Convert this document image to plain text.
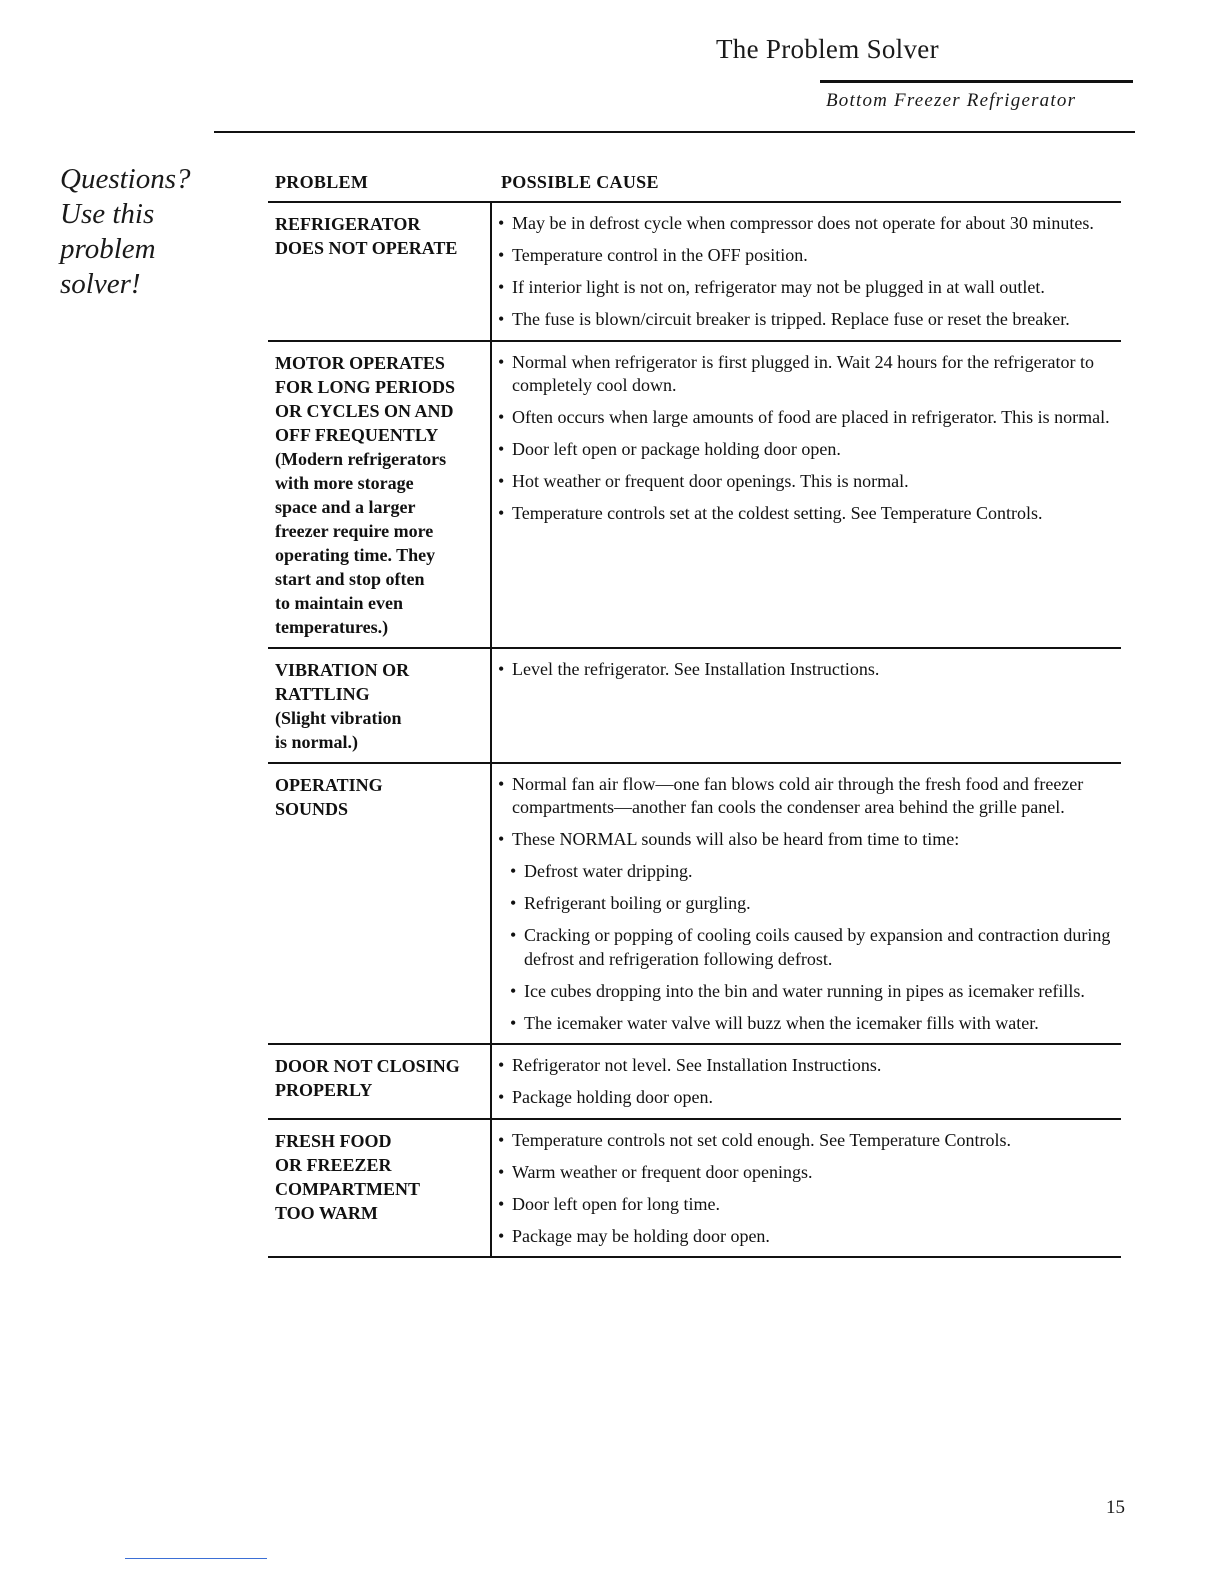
The Problem Solver
Bottom Freezer Refrigerator
Questions?
Use this
problem
solver!
PROBLEM	POSSIBLE CAUSE
REFRIGERATOR
DOES NOT OPERATE
• May be in defrost cycle when compressor does not operate for about 30 minutes.
• Temperature control in the OFF position.
• If interior light is not on, refrigerator may not be plugged in at wall outlet.
• The fuse is blown/circuit breaker is tripped. Replace fuse or reset the breaker.
MOTOR OPERATES
FOR LONG PERIODS
OR CYCLES ON AND
OFF FREQUENTLY
(Modern refrigerators
with more storage
space and a larger
freezer require more
operating time. They
start and stop often
to maintain even
temperatures.)
• Normal when refrigerator is first plugged in. Wait 24 hours for the refrigerator to completely cool down.
• Often occurs when large amounts of food are placed in refrigerator. This is normal.
• Door left open or package holding door open.
• Hot weather or frequent door openings. This is normal.
• Temperature controls set at the coldest setting. See Temperature Controls.
VIBRATION OR
RATTLING
(Slight vibration
is normal.)
• Level the refrigerator. See Installation Instructions.
OPERATING
SOUNDS
• Normal fan air flow—one fan blows cold air through the fresh food and freezer compartments—another fan cools the condenser area behind the grille panel.
• These NORMAL sounds will also be heard from time to time:
• Defrost water dripping.
• Refrigerant boiling or gurgling.
• Cracking or popping of cooling coils caused by expansion and contraction during defrost and refrigeration following defrost.
• Ice cubes dropping into the bin and water running in pipes as icemaker refills.
• The icemaker water valve will buzz when the icemaker fills with water.
DOOR NOT CLOSING
PROPERLY
• Refrigerator not level. See Installation Instructions.
• Package holding door open.
FRESH FOOD
OR FREEZER
COMPARTMENT
TOO WARM
• Temperature controls not set cold enough. See Temperature Controls.
• Warm weather or frequent door openings.
• Door left open for long time.
• Package may be holding door open.
15
